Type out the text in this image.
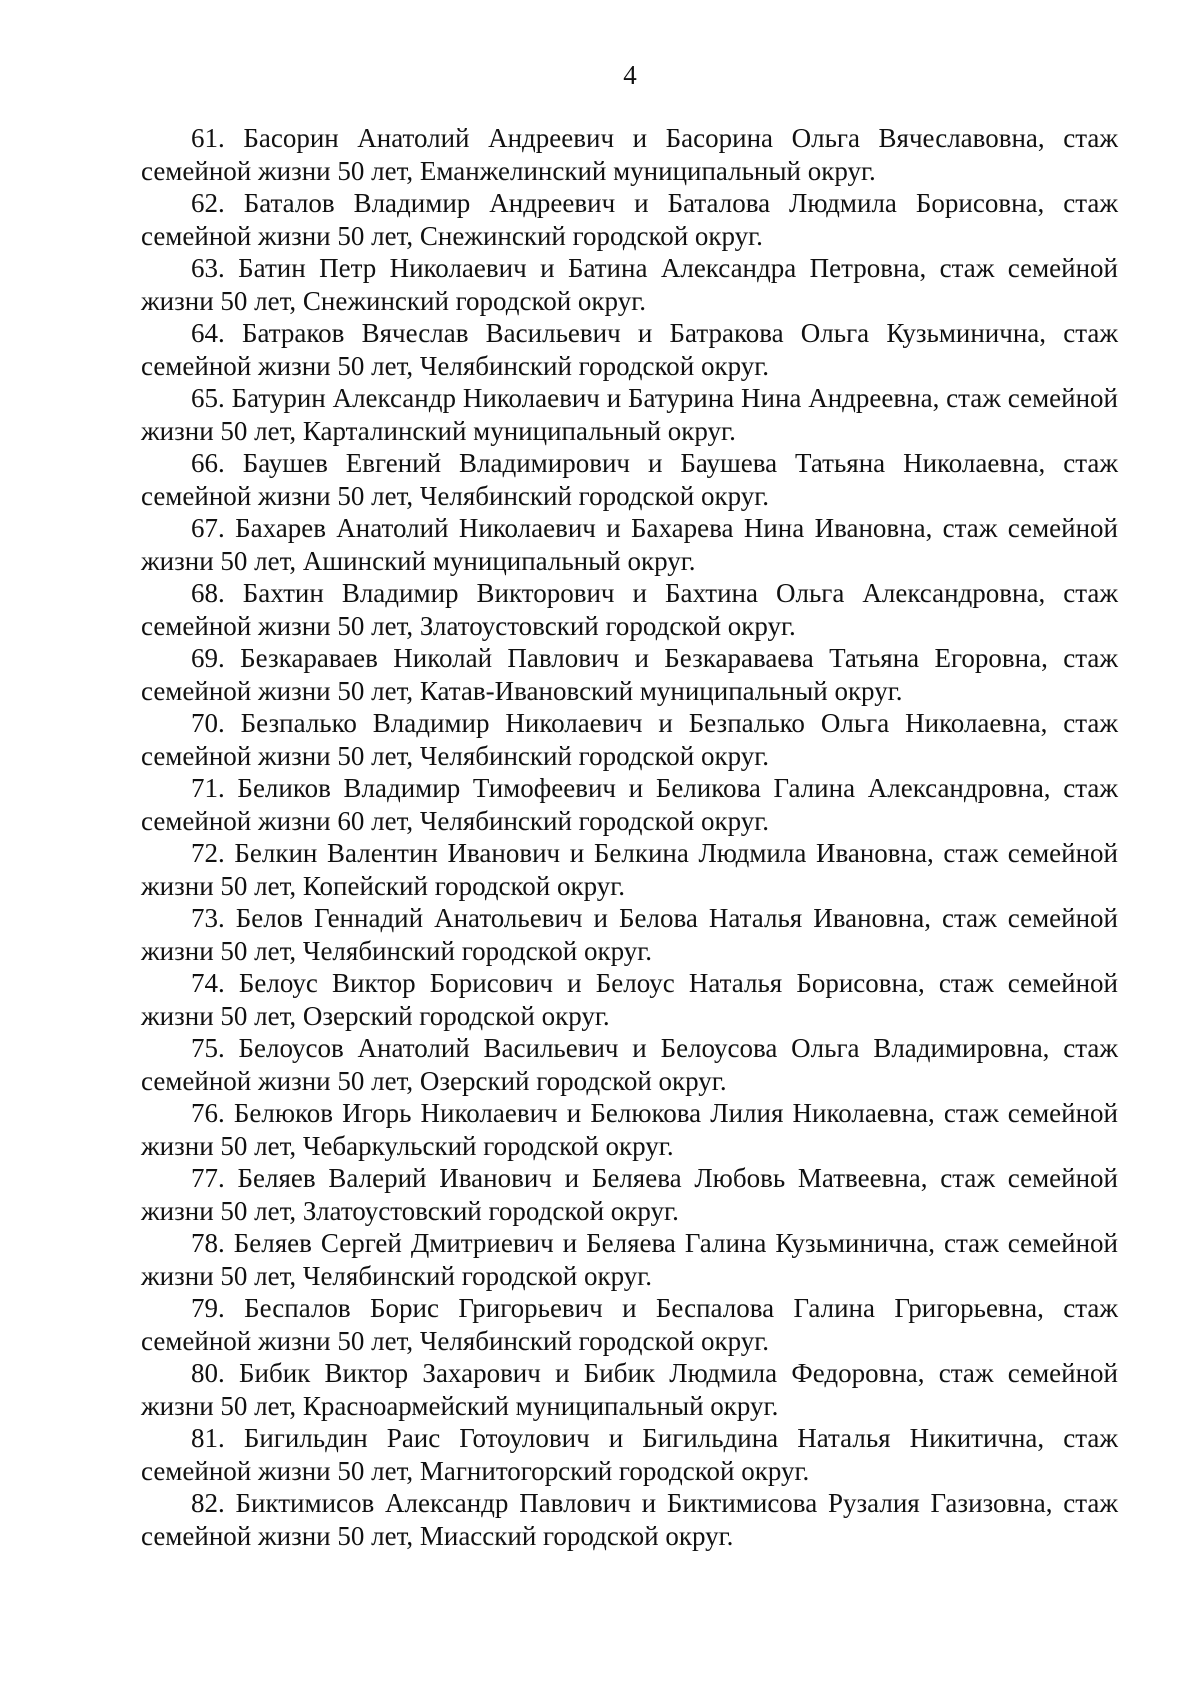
4

61. Басорин Анатолий Андреевич и Басорина Ольга Вячеславовна, стаж семейной жизни 50 лет, Еманжелинский муниципальный округ.

62. Баталов Владимир Андреевич и Баталова Людмила Борисовна, стаж семейной жизни 50 лет, Снежинский городской округ.

63. Батин Петр Николаевич и Батина Александра Петровна, стаж семейной жизни 50 лет, Снежинский городской округ.

64. Батраков Вячеслав Васильевич и Батракова Ольга Кузьминична, стаж семейной жизни 50 лет, Челябинский городской округ.

65. Батурин Александр Николаевич и Батурина Нина Андреевна, стаж семейной жизни 50 лет, Карталинский муниципальный округ.

66. Баушев Евгений Владимирович и Баушева Татьяна Николаевна, стаж семейной жизни 50 лет, Челябинский городской округ.

67. Бахарев Анатолий Николаевич и Бахарева Нина Ивановна, стаж семейной жизни 50 лет, Ашинский муниципальный округ.

68. Бахтин Владимир Викторович и Бахтина Ольга Александровна, стаж семейной жизни 50 лет, Златоустовский городской округ.

69. Безкараваев Николай Павлович и Безкараваева Татьяна Егоровна, стаж семейной жизни 50 лет, Катав-Ивановский муниципальный округ.

70. Безпалько Владимир Николаевич и Безпалько Ольга Николаевна, стаж семейной жизни 50 лет, Челябинский городской округ.

71. Беликов Владимир Тимофеевич и Беликова Галина Александровна, стаж семейной жизни 60 лет, Челябинский городской округ.

72. Белкин Валентин Иванович и Белкина Людмила Ивановна, стаж семейной жизни 50 лет, Копейский городской округ.

73. Белов Геннадий Анатольевич и Белова Наталья Ивановна, стаж семейной жизни 50 лет, Челябинский городской округ.

74. Белоус Виктор Борисович и Белоус Наталья Борисовна, стаж семейной жизни 50 лет, Озерский городской округ.

75. Белоусов Анатолий Васильевич и Белоусова Ольга Владимировна, стаж семейной жизни 50 лет, Озерский городской округ.

76. Белюков Игорь Николаевич и Белюкова Лилия Николаевна, стаж семейной жизни 50 лет, Чебаркульский городской округ.

77. Беляев Валерий Иванович и Беляева Любовь Матвеевна, стаж семейной жизни 50 лет, Златоустовский городской округ.

78. Беляев Сергей Дмитриевич и Беляева Галина Кузьминична, стаж семейной жизни 50 лет, Челябинский городской округ.

79. Беспалов Борис Григорьевич и Беспалова Галина Григорьевна, стаж семейной жизни 50 лет, Челябинский городской округ.

80. Бибик Виктор Захарович и Бибик Людмила Федоровна, стаж семейной жизни 50 лет, Красноармейский муниципальный округ.

81. Бигильдин Раис Готоулович и Бигильдина Наталья Никитична, стаж семейной жизни 50 лет, Магнитогорский городской округ.

82. Биктимисов Александр Павлович и Биктимисова Рузалия Газизовна, стаж семейной жизни 50 лет, Миасский городской округ.
